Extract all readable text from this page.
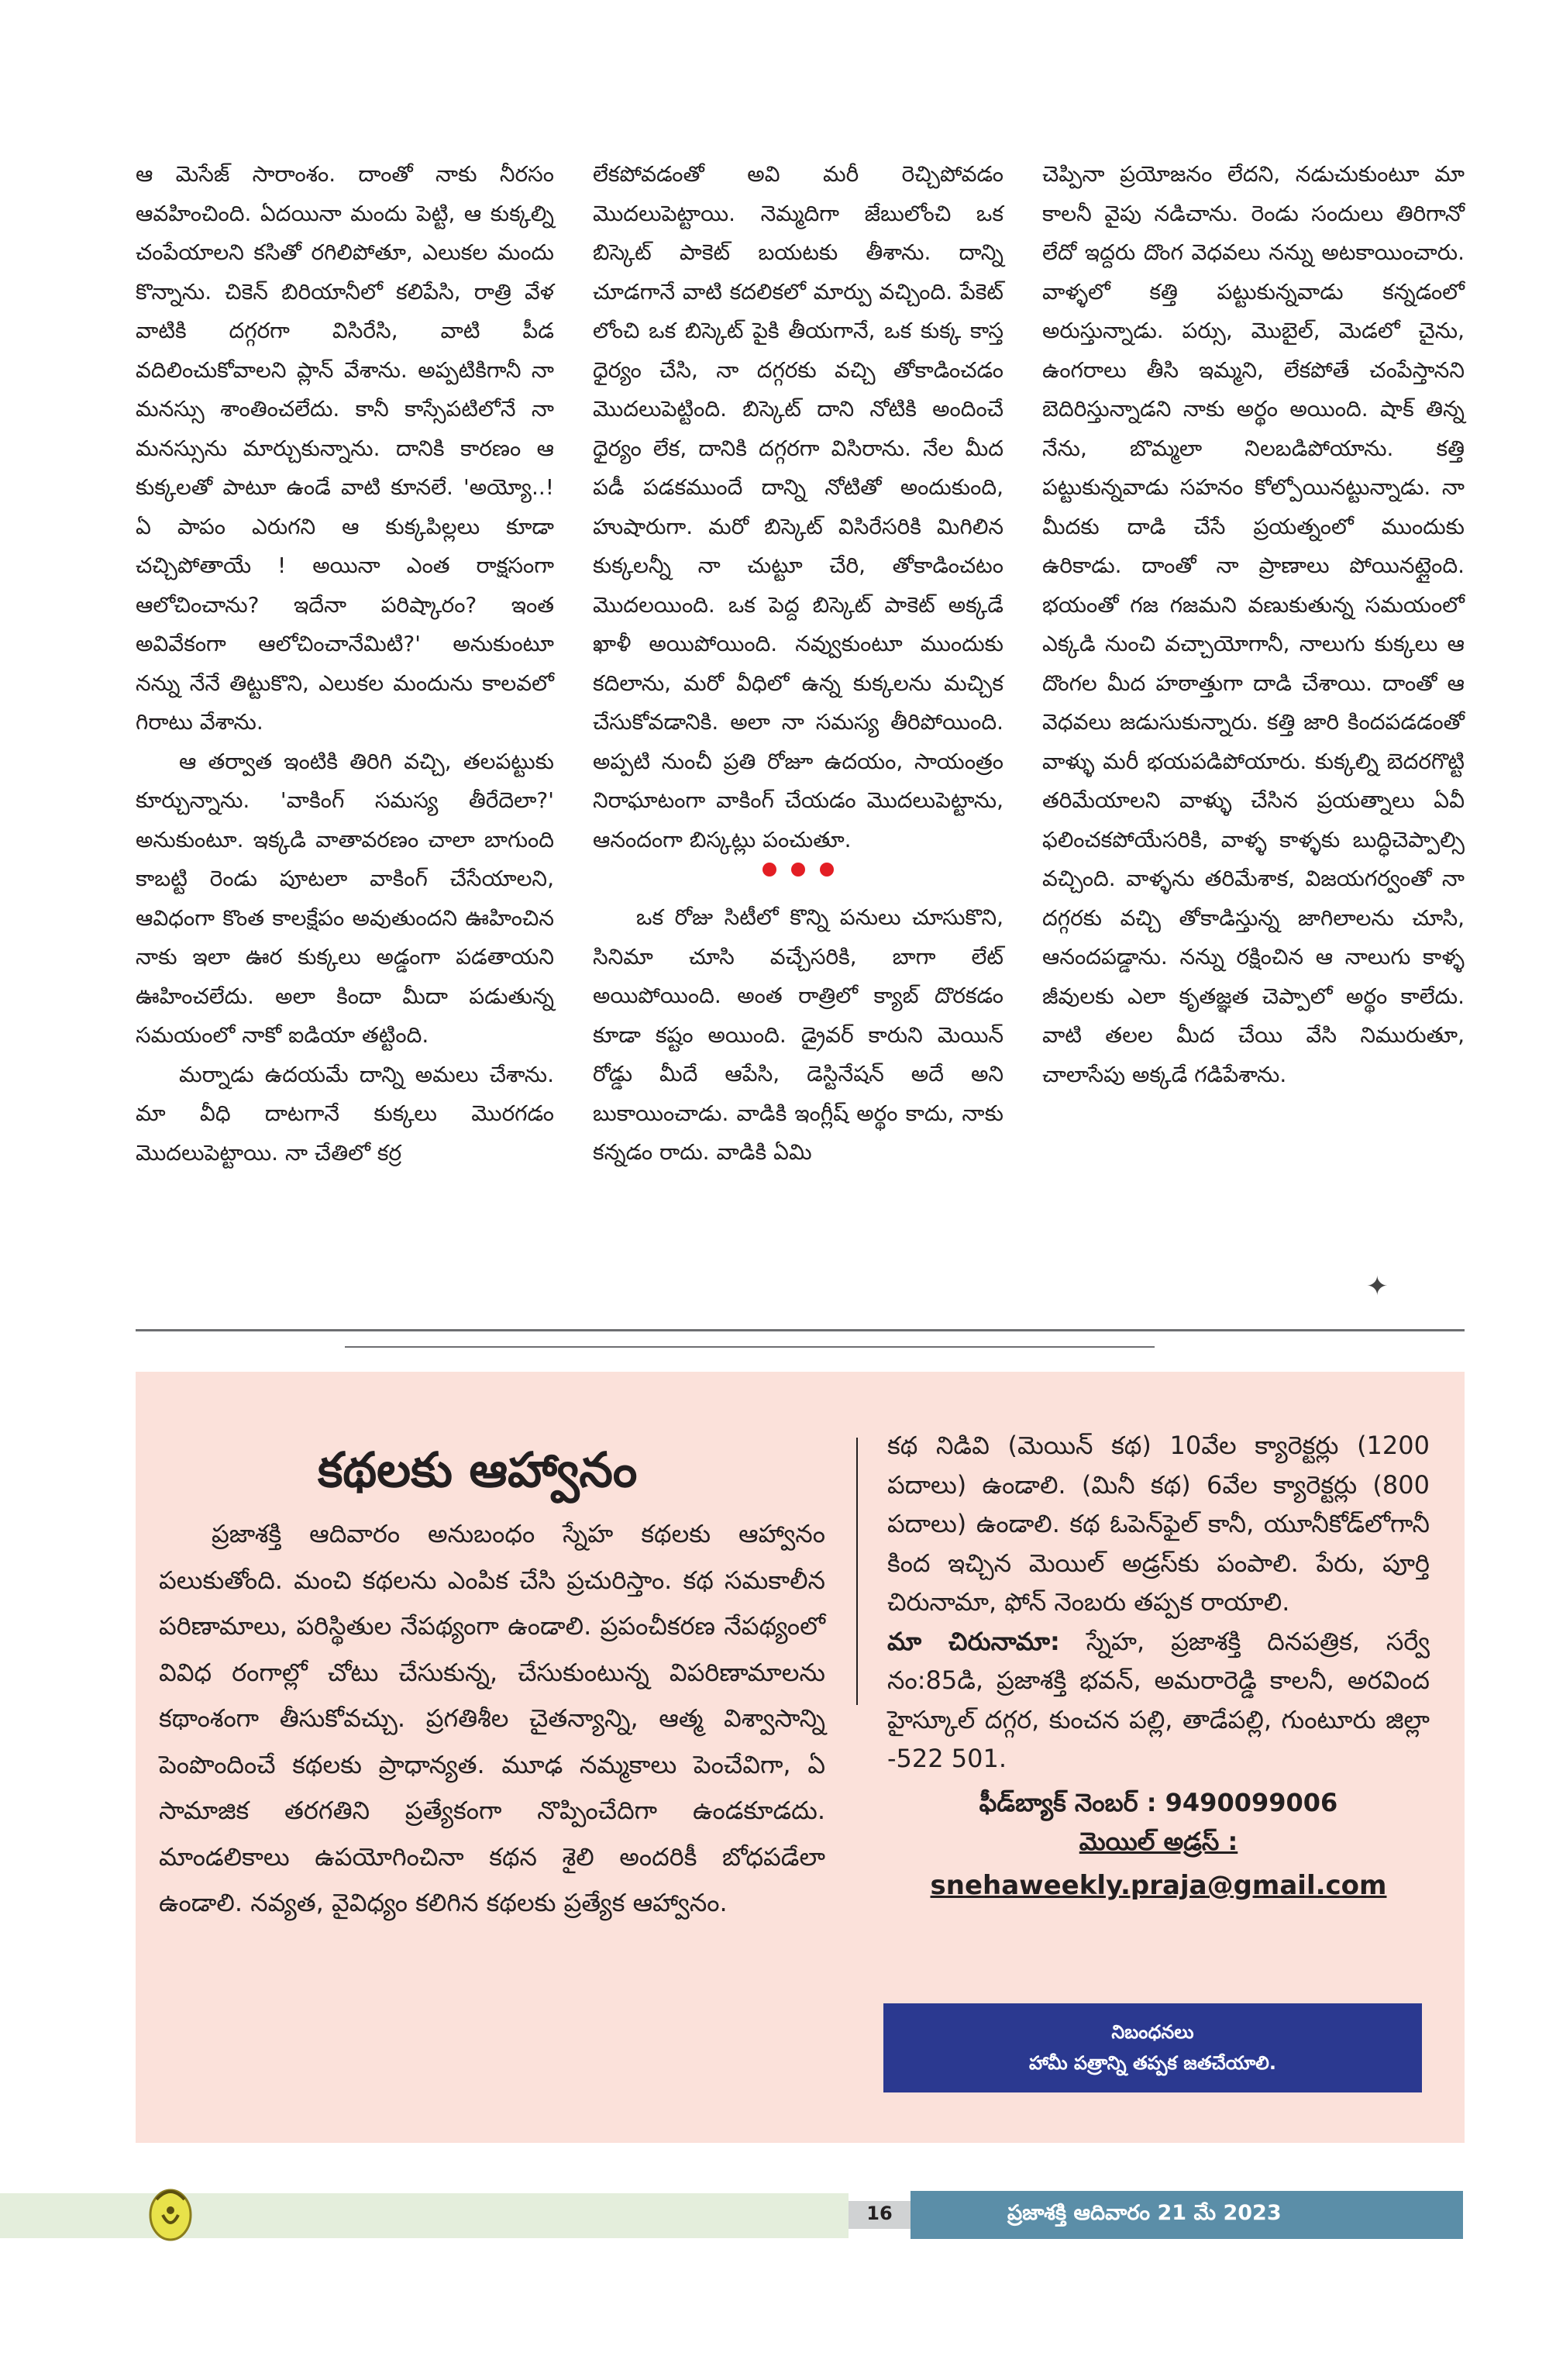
ఆ మెసేజ్ సారాంశం. దాంతో నాకు నీరసం ఆవహించింది. ఏదయినా మందు పెట్టి, ఆ కుక్కల్ని చంపేయాలని కసితో రగిలిపోతూ, ఎలుకల మందు కొన్నాను. చికెన్ బిరియానీలో కలిపేసి, రాత్రి వేళ వాటికి దగ్గరగా విసిరేసి, వాటి పీడ వదిలించుకోవాలని ప్లాన్ వేశాను. అప్పటికిగానీ నా మనస్సు శాంతించలేదు. కానీ కాస్సేపటిలోనే నా మనస్సును మార్చుకున్నాను. దానికి కారణం ఆ కుక్కలతో పాటూ ఉండే వాటి కూనలే. 'అయ్యో..! ఏ పాపం ఎరుగని ఆ కుక్కపిల్లలు కూడా చచ్చిపోతాయే ! అయినా ఎంత రాక్షసంగా ఆలోచించాను? ఇదేనా పరిష్కారం? ఇంత అవివేకంగా ఆలోచించానేమిటి?' అనుకుంటూ నన్ను నేనే తిట్టుకొని, ఎలుకల మందును కాలవలో గిరాటు వేశాను.

ఆ తర్వాత ఇంటికి తిరిగి వచ్చి, తలపట్టుకు కూర్చున్నాను. 'వాకింగ్ సమస్య తీరేదెలా?' అనుకుంటూ. ఇక్కడి వాతావరణం చాలా బాగుంది కాబట్టి రెండు పూటలా వాకింగ్ చేసేయాలని, ఆవిధంగా కొంత కాలక్షేపం అవుతుందని ఊహించిన నాకు ఇలా ఊర కుక్కలు అడ్డంగా పడతాయని ఊహించలేదు. అలా కిందా మీదా పడుతున్న సమయంలో నాకో ఐడియా తట్టింది.

మర్నాడు ఉదయమే దాన్ని అమలు చేశాను. మా వీధి దాటగానే కుక్కలు మొరగడం మొదలుపెట్టాయి. నా చేతిలో కర్ర

లేకపోవడంతో అవి మరీ రెచ్చిపోవడం మొదలుపెట్టాయి. నెమ్మదిగా జేబులోంచి ఒక బిస్కెట్ పాకెట్ బయటకు తీశాను. దాన్ని చూడగానే వాటి కదలికలో మార్పు వచ్చింది. పేకెట్ లోంచి ఒక బిస్కెట్ పైకి తీయగానే, ఒక కుక్క కాస్త ధైర్యం చేసి, నా దగ్గరకు వచ్చి తోకాడించడం మొదలుపెట్టింది. బిస్కెట్ దాని నోటికి అందించే ధైర్యం లేక, దానికి దగ్గరగా విసిరాను. నేల మీద పడీ పడకముందే దాన్ని నోటితో అందుకుంది, హుషారుగా. మరో బిస్కెట్ విసిరేసరికి మిగిలిన కుక్కలన్నీ నా చుట్టూ చేరి, తోకాడించటం మొదలయింది. ఒక పెద్ద బిస్కెట్ పాకెట్ అక్కడే ఖాళీ అయిపోయింది. నవ్వుకుంటూ ముందుకు కదిలాను, మరో వీధిలో ఉన్న కుక్కలను మచ్చిక చేసుకోవడానికి. అలా నా సమస్య తీరిపోయింది. అప్పటి నుంచీ ప్రతి రోజూ ఉదయం, సాయంత్రం నిరాఘాటంగా వాకింగ్ చేయడం మొదలుపెట్టాను, ఆనందంగా బిస్కట్లు పంచుతూ.

ఒక రోజు సిటీలో కొన్ని పనులు చూసుకొని, సినిమా చూసి వచ్చేసరికి, బాగా లేట్ అయిపోయింది. అంత రాత్రిలో క్యాబ్ దొరకడం కూడా కష్టం అయింది. డ్రైవర్ కారుని మెయిన్ రోడ్డు మీదే ఆపేసి, డెస్టినేషన్ అదే అని బుకాయించాడు. వాడికి ఇంగ్లీష్ అర్థం కాదు, నాకు కన్నడం రాదు. వాడికి ఏమి

చెప్పినా ప్రయోజనం లేదని, నడుచుకుంటూ మా కాలనీ వైపు నడిచాను. రెండు సందులు తిరిగానో లేదో ఇద్దరు దొంగ వెధవలు నన్ను అటకాయించారు. వాళ్ళలో కత్తి పట్టుకున్నవాడు కన్నడంలో అరుస్తున్నాడు. పర్సు, మొబైల్, మెడలో చైను, ఉంగరాలు తీసి ఇమ్మని, లేకపోతే చంపేస్తానని బెదిరిస్తున్నాడని నాకు అర్థం అయింది. షాక్ తిన్న నేను, బొమ్మలా నిలబడిపోయాను. కత్తి పట్టుకున్నవాడు సహనం కోల్పోయినట్టున్నాడు. నా మీదకు దాడి చేసే ప్రయత్నంలో ముందుకు ఉరికాడు. దాంతో నా ప్రాణాలు పోయినట్లైంది. భయంతో గజ గజమని వణుకుతున్న సమయంలో ఎక్కడి నుంచి వచ్చాయోగానీ, నాలుగు కుక్కలు ఆ దొంగల మీద హఠాత్తుగా దాడి చేశాయి. దాంతో ఆ వెధవలు జడుసుకున్నారు. కత్తి జారి కిందపడడంతో వాళ్ళు మరీ భయపడిపోయారు. కుక్కల్ని బెదరగొట్టి తరిమేయాలని వాళ్ళు చేసిన ప్రయత్నాలు ఏవీ ఫలించకపోయేసరికి, వాళ్ళ కాళ్ళకు బుద్ధిచెప్పాల్సి వచ్చింది. వాళ్ళను తరిమేశాక, విజయగర్వంతో నా దగ్గరకు వచ్చి తోకాడిస్తున్న జాగిలాలను చూసి, ఆనందపడ్డాను. నన్ను రక్షించిన ఆ నాలుగు కాళ్ళ జీవులకు ఎలా కృతజ్ఞత చెప్పాలో అర్థం కాలేదు. వాటి తలల మీద చేయి వేసి నిమురుతూ, చాలాసేపు అక్కడే గడిపేశాను.

✦
కథలకు ఆహ్వానం

ప్రజాశక్తి ఆదివారం అనుబంధం స్నేహ కథలకు ఆహ్వానం పలుకుతోంది. మంచి కథలను ఎంపిక చేసి ప్రచురిస్తాం. కథ సమకాలీన పరిణామాలు, పరిస్థితుల నేపథ్యంగా ఉండాలి. ప్రపంచీకరణ నేపథ్యంలో వివిధ రంగాల్లో చోటు చేసుకున్న, చేసుకుంటున్న విపరిణామాలను కథాంశంగా తీసుకోవచ్చు. ప్రగతిశీల చైతన్యాన్ని, ఆత్మ విశ్వాసాన్ని పెంపొందించే కథలకు ప్రాధాన్యత. మూఢ నమ్మకాలు పెంచేవిగా, ఏ సామాజిక తరగతిని ప్రత్యేకంగా నొప్పించేదిగా ఉండకూడదు. మాండలికాలు ఉపయోగించినా కథన శైలి అందరికీ బోధపడేలా ఉండాలి. నవ్యత, వైవిధ్యం కలిగిన కథలకు ప్రత్యేక ఆహ్వానం.

కథ నిడివి (మెయిన్ కథ) 10వేల క్యారెక్టర్లు (1200 పదాలు) ఉండాలి. (మినీ కథ) 6వేల క్యారెక్టర్లు (800 పదాలు) ఉండాలి. కథ ఓపెన్‌ఫైల్ కానీ, యూనీకోడ్‌లోగానీ కింద ఇచ్చిన మెయిల్ అడ్రస్‌కు పంపాలి. పేరు, పూర్తి చిరునామా, ఫోన్ నెంబరు తప్పక రాయాలి.

మా చిరునామా: స్నేహ, ప్రజాశక్తి దినపత్రిక, సర్వే నం:85డి, ప్రజాశక్తి భవన్, అమరారెడ్డి కాలనీ, అరవింద హైస్కూల్ దగ్గర, కుంచన పల్లి, తాడేపల్లి, గుంటూరు జిల్లా -522 501.

ఫీడ్‌బ్యాక్ నెంబర్ : 9490099006

మెయిల్ అడ్రస్ :

snehaweekly.praja@gmail.com

నిబంధనలు
హామీ పత్రాన్ని తప్పక జతచేయాలి.
16	ప్రజాశక్తి ఆదివారం 21 మే 2023
